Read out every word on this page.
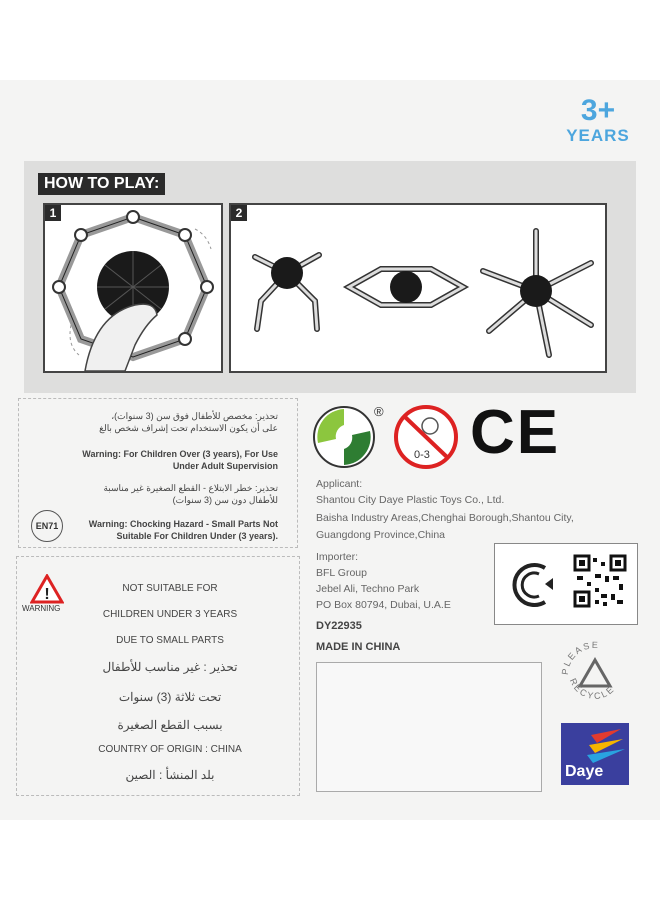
3+
YEARS
HOW TO PLAY:
1	2
تحذير: مخصص للأطفال فوق سن (3 سنوات)،
على أن يكون الاستخدام تحت إشراف شخص بالغ
Warning: For Children Over (3 years), For Use
Under Adult Supervision
تحذير: خطر الابتلاع - القطع الصغيرة غير مناسبة
للأطفال دون سن (3 سنوات)
EN71	Warning: Chocking Hazard - Small Parts Not
Suitable For Children Under (3 years).
!
WARNING
NOT SUITABLE FOR
CHILDREN UNDER 3 YEARS
DUE TO SMALL PARTS
تحذير : غير مناسب للأطفال
تحت ثلاثة (3) سنوات
بسبب القطع الصغيرة
COUNTRY OF ORIGIN : CHINA
بلد المنشأ : الصين
®
0-3 CE
Applicant:
Shantou City Daye Plastic Toys Co., Ltd.
Baisha Industry Areas,Chenghai Borough,Shantou City,
Guangdong Province,China
Importer:
BFL Group
Jebel Ali, Techno Park
PO Box 80794, Dubai, U.A.E
DY22935
MADE IN CHINA
PLEASE
RECYCLE
Daye
